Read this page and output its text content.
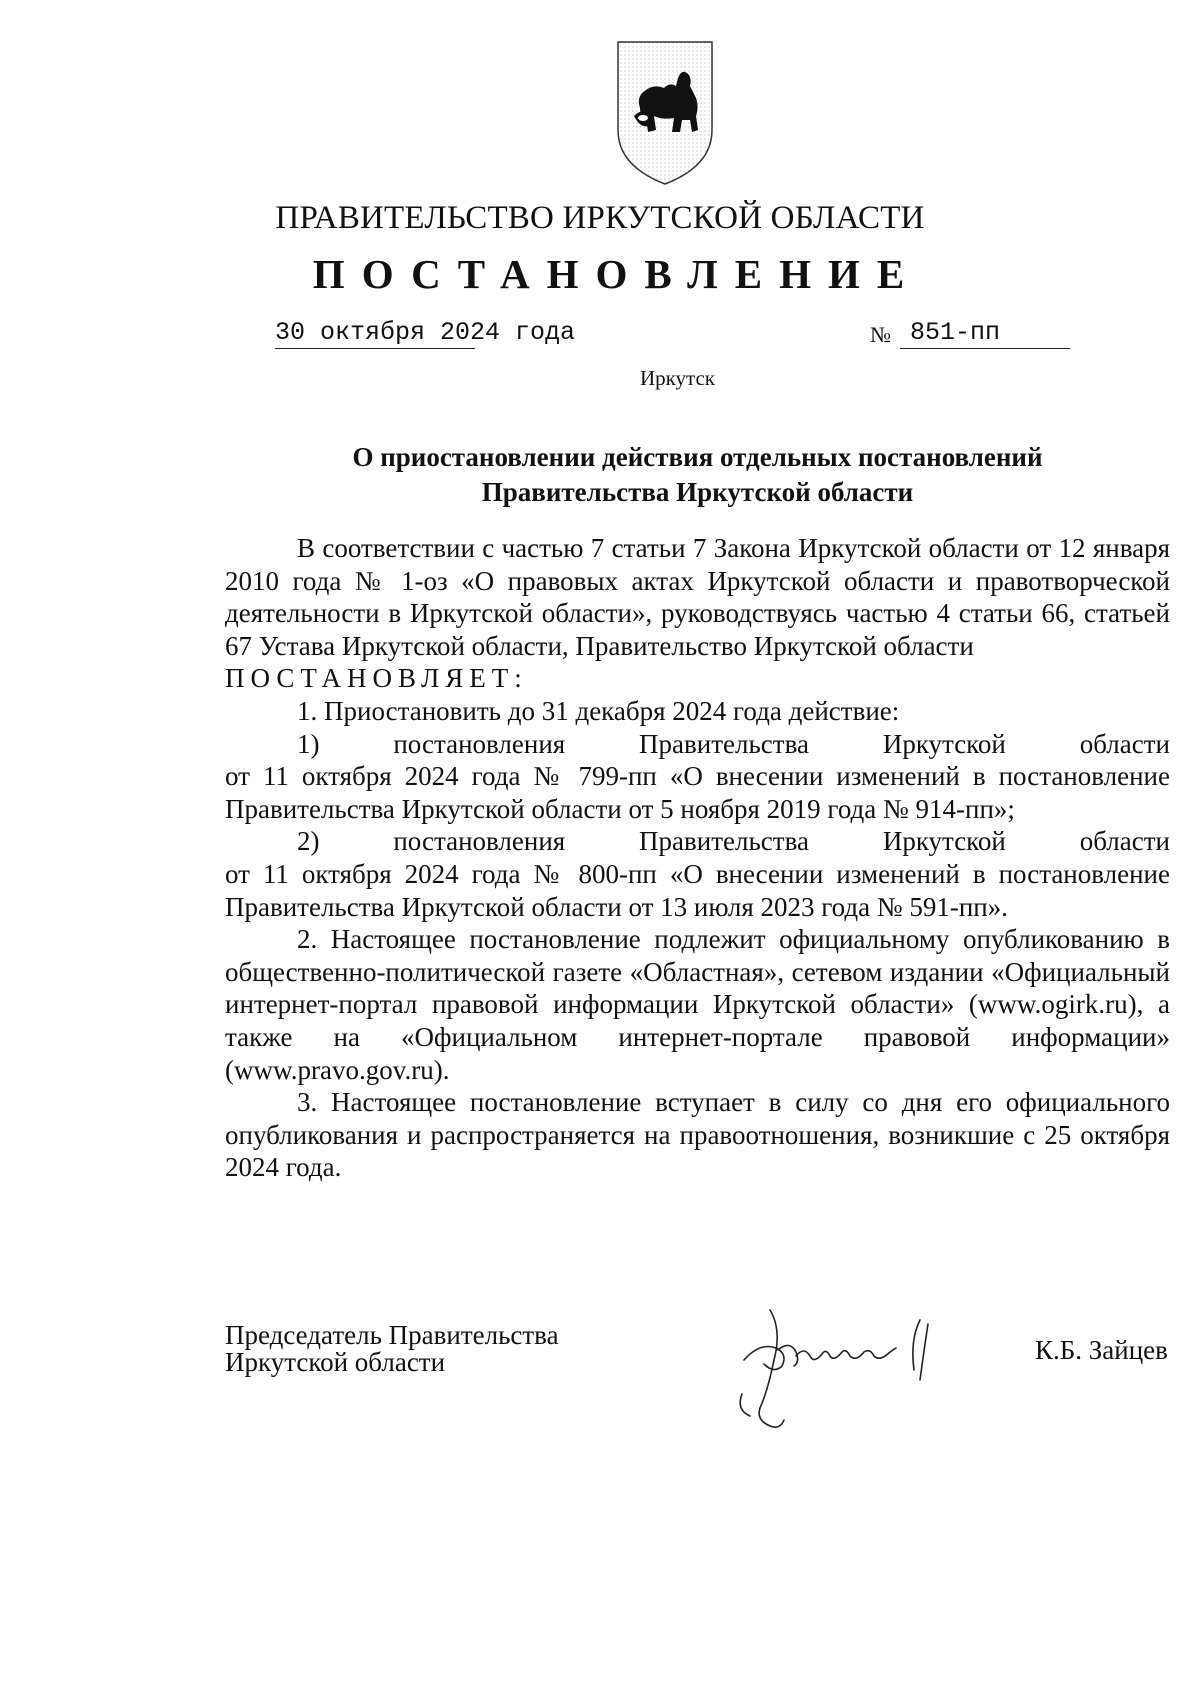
ПРАВИТЕЛЬСТВО ИРКУТСКОЙ ОБЛАСТИ
ПОСТАНОВЛЕНИЕ
30 октября 2024 года	№ 851-пп
Иркутск
О приостановлении действия отдельных постановлений
Правительства Иркутской области

В соответствии с частью 7 статьи 7 Закона Иркутской области от 12 января 2010 года № 1-оз «О правовых актах Иркутской области и правотворческой деятельности в Иркутской области», руководствуясь частью 4 статьи 66, статьей 67 Устава Иркутской области, Правительство Иркутской области

ПОСТАНОВЛЯЕТ:

1. Приостановить до 31 декабря 2024 года действие:

1) постановления Правительства Иркутской области

от 11 октября 2024 года № 799-пп «О внесении изменений в постановление Правительства Иркутской области от 5 ноября 2019 года № 914-пп»;

2) постановления Правительства Иркутской области

от 11 октября 2024 года № 800-пп «О внесении изменений в постановление Правительства Иркутской области от 13 июля 2023 года № 591-пп».

2. Настоящее постановление подлежит официальному опубликованию в общественно-политической газете «Областная», сетевом издании «Официальный интернет-портал правовой информации Иркутской области» (www.ogirk.ru), а также на «Официальном интернет-портале правовой информации» (www.pravo.gov.ru).

3. Настоящее постановление вступает в силу со дня его официального опубликования и распространяется на правоотношения, возникшие с 25 октября 2024 года.

Председатель Правительства
Иркутской области	К.Б. Зайцев
